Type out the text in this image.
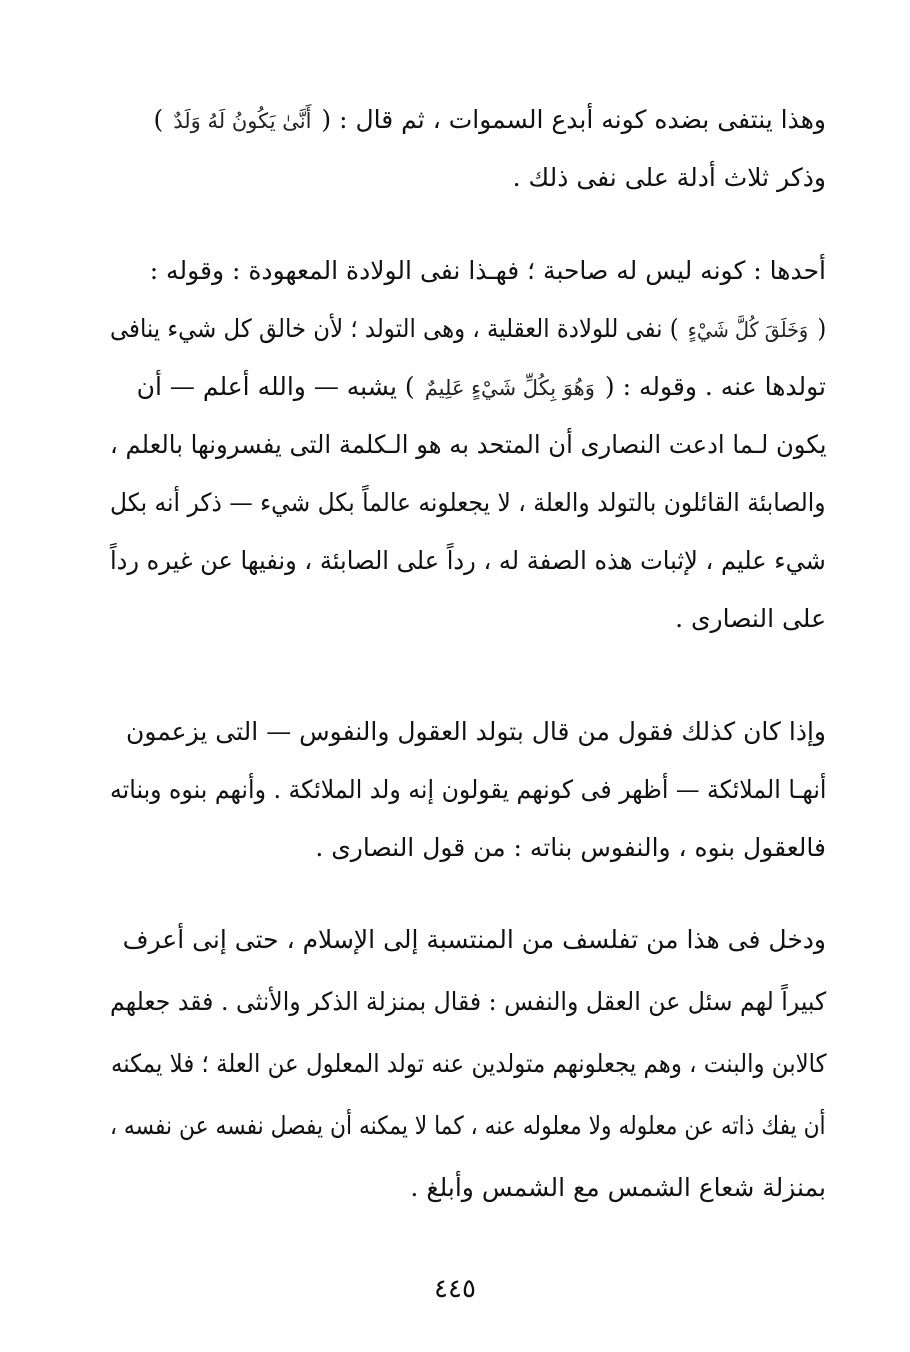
وهذا ينتفى بضده كونه أبدع السموات ، ثم قال : (أَنَّىٰ يَكُونُ لَهُ وَلَدٌ)
وذكر ثلاث أدلة على نفى ذلك .
أحدها : كونه ليس له صاحبة ؛ فهـذا نفى الولادة المعهودة : وقوله :
(وَخَلَقَ كُلَّ شَيْءٍ) نفى للولادة العقلية ، وهى التولد ؛ لأن خالق كل شيء ينافى
تولدها عنه . وقوله : (وَهُوَ بِكُلِّ شَيْءٍ عَلِيمٌ) يشبه — والله أعلم — أن
يكون لـما ادعت النصارى أن المتحد به هو الـكلمة التى يفسرونها بالعلم ،
والصابئة القائلون بالتولد والعلة ، لا يجعلونه عالماً بكل شيء — ذكر أنه بكل
شيء عليم ، لإثبات هذه الصفة له ، رداً على الصابئة ، ونفيها عن غيره رداً
على النصارى .
وإذا كان كذلك فقول من قال بتولد العقول والنفوس — التى يزعمون
أنهـا الملائكة — أظهر فى كونهم يقولون إنه ولد الملائكة . وأنهم بنوه وبناته
فالعقول بنوه ، والنفوس بناته : من قول النصارى .
ودخل فى هذا من تفلسف من المنتسبة إلى الإسلام ، حتى إنى أعرف
كبيراً لهم سئل عن العقل والنفس : فقال بمنزلة الذكر والأنثى . فقد جعلهم
كالابن والبنت ، وهم يجعلونهم متولدين عنه تولد المعلول عن العلة ؛ فلا يمكنه
أن يفك ذاته عن معلوله ولا معلوله عنه ، كما لا يمكنه أن يفصل نفسه عن نفسه ،
بمنزلة شعاع الشمس مع الشمس وأبلغ .
٤٤٥
